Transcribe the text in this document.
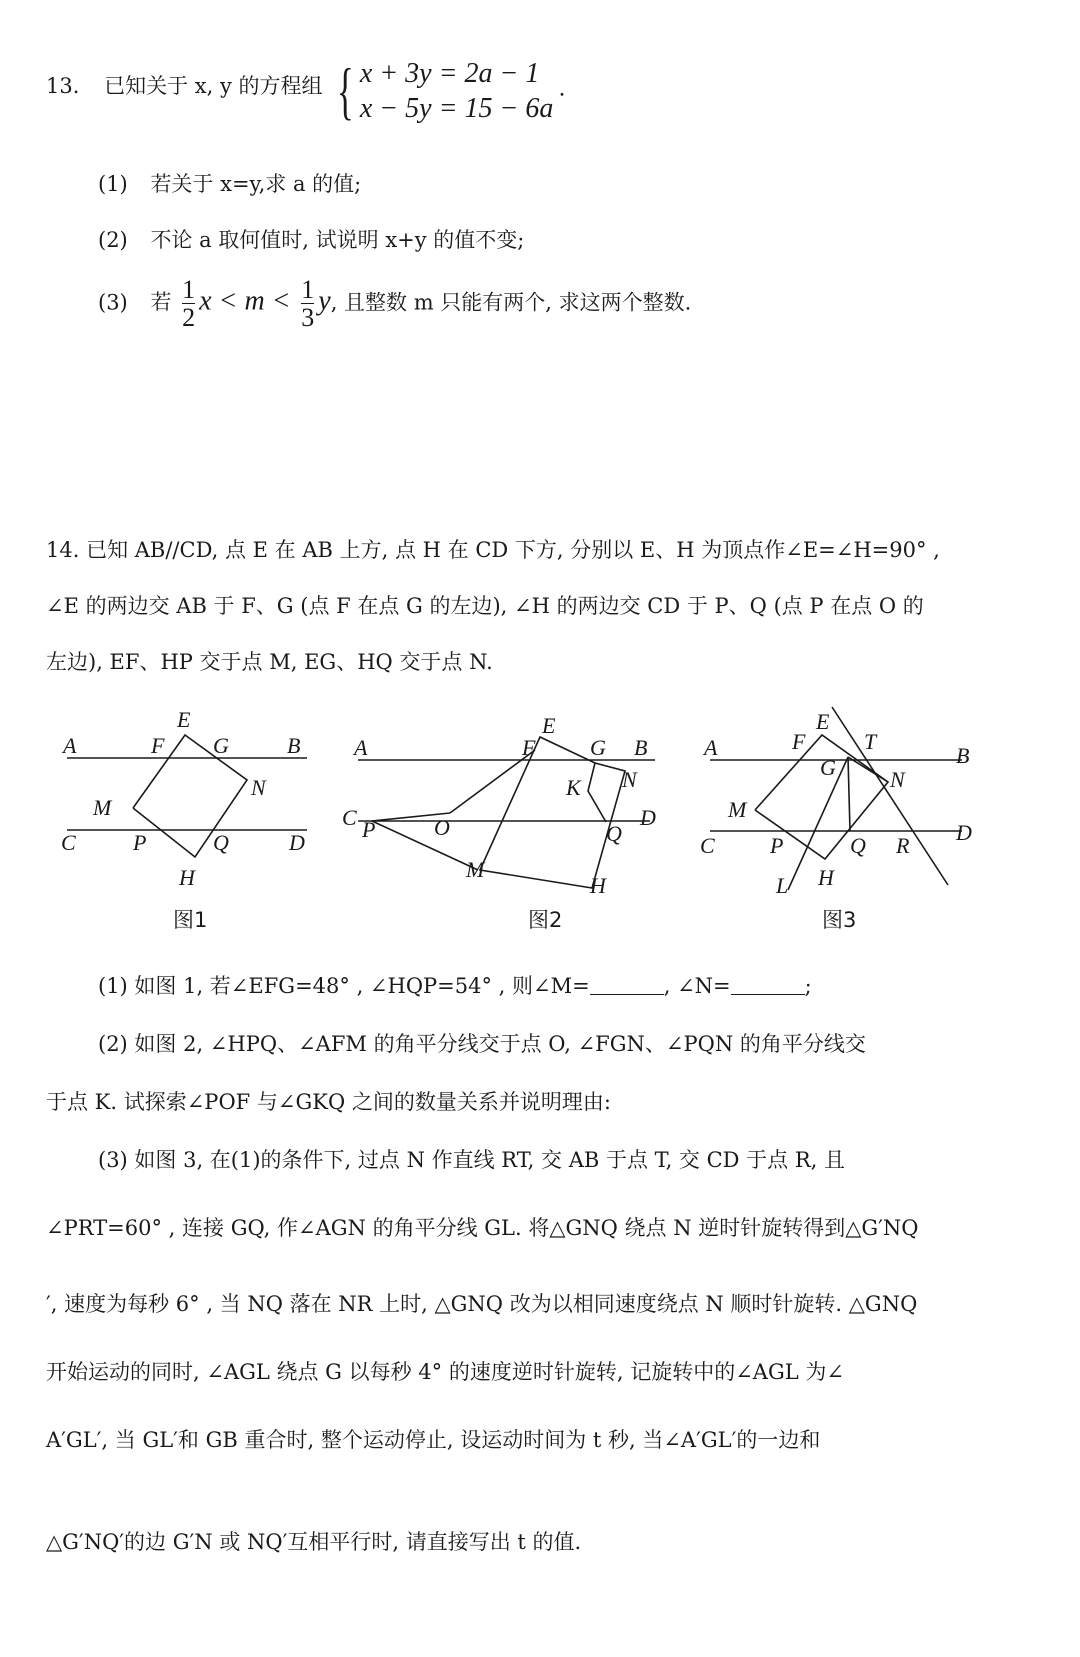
13. 已知关于 x, y 的方程组 { x + 3y = 2a − 1
x − 5y = 15 − 6a
.
(1) 若关于 x=y,求 a 的值;
(2) 不论 a 取何值时, 试说明 x+y 的值不变;
(3) 若 $\frac{1}{2}$ $x < m < \frac{1}{3} y$, 且整数 m 只能有两个, 求这两个整数.
14. 已知 AB//CD, 点 E 在 AB 上方, 点 H 在 CD 下方, 分别以 E、H 为顶点作∠E=∠H=90° ,
∠E 的两边交 AB 于 F、G (点 F 在点 G 的左边), ∠H 的两边交 CD 于 P、Q (点 P 在点 O 的
左边), EF、HP 交于点 M, EG、HQ 交于点 N.
A	B
C	D
E
F G
H
M
N
P	Q
图1
A	B
C	D
E
F G
H
K
M
N
O
P	Q
图2
A	B
C
D
E
F
G
H
L
M
N
P	Q R
T
图3
(1) 如图 1, 若∠EFG=48° , ∠HQP=54° , 则∠M=	, ∠N=	;
(2) 如图 2, ∠HPQ、∠AFM 的角平分线交于点 O, ∠FGN、∠PQN 的角平分线交
于点 K. 试探索∠POF 与∠GKQ 之间的数量关系并说明理由:
(3) 如图 3, 在(1)的条件下, 过点 N 作直线 RT, 交 AB 于点 T, 交 CD 于点 R, 且
∠PRT=60° , 连接 GQ, 作∠AGN 的角平分线 GL. 将△GNQ 绕点 N 逆时针旋转得到△G′NQ
′, 速度为每秒 6° , 当 NQ 落在 NR 上时, △GNQ 改为以相同速度绕点 N 顺时针旋转. △GNQ
开始运动的同时, ∠AGL 绕点 G 以每秒 4° 的速度逆时针旋转, 记旋转中的∠AGL 为∠
A′GL′, 当 GL′和 GB 重合时, 整个运动停止, 设运动时间为 t 秒, 当∠A′GL′的一边和
△G′NQ′的边 G′N 或 NQ′互相平行时, 请直接写出 t 的值.
